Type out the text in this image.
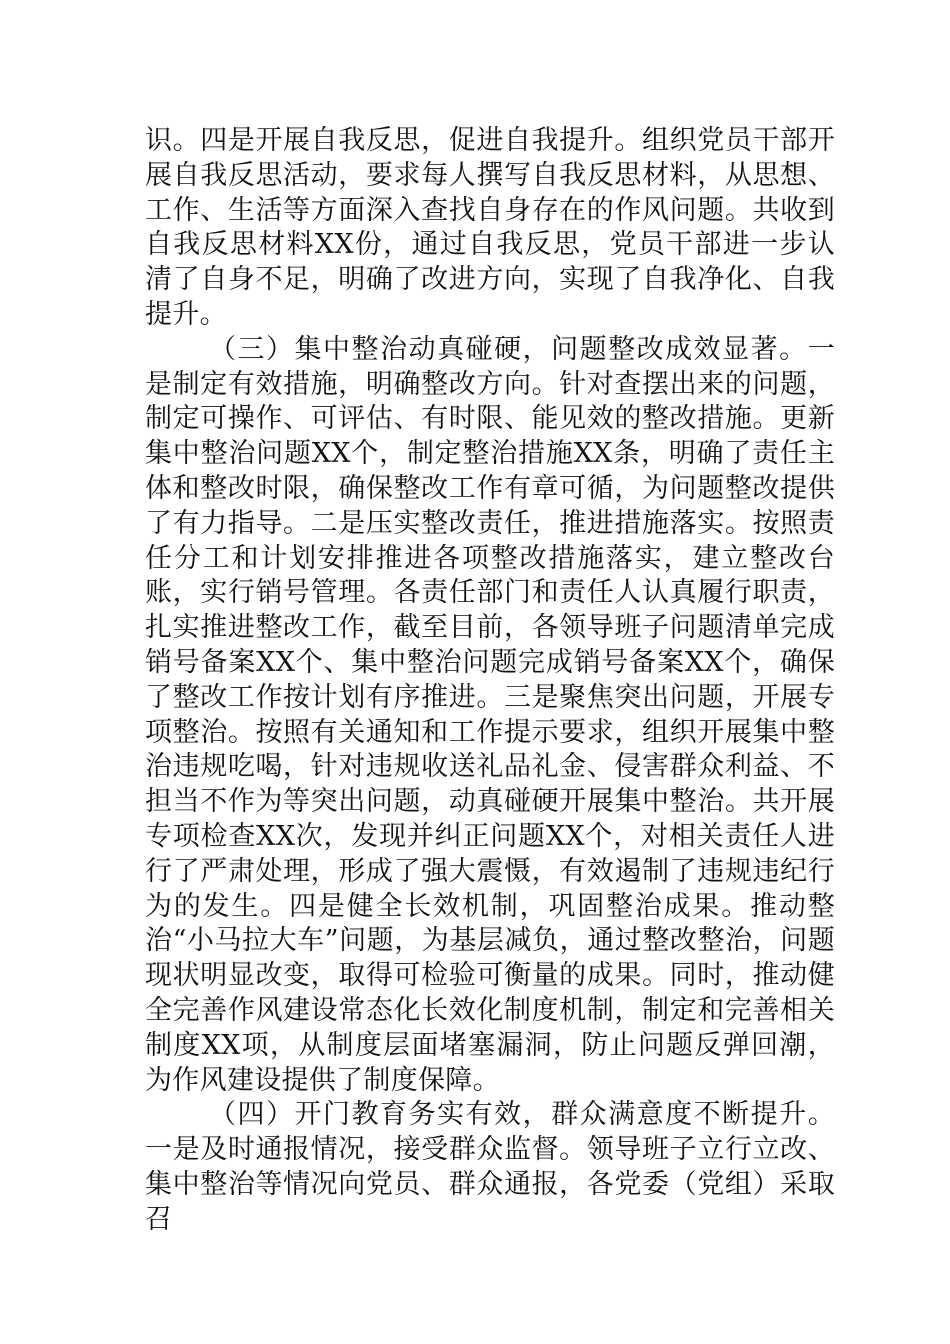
识。四是开展自我反思，促进自我提升。组织党员干部开展自我反思活动，要求每人撰写自我反思材料，从思想、工作、生活等方面深入查找自身存在的作风问题。共收到自我反思材料XX份，通过自我反思，党员干部进一步认清了自身不足，明确了改进方向，实现了自我净化、自我提升。

（三）集中整治动真碰硬，问题整改成效显著。一是制定有效措施，明确整改方向。针对查摆出来的问题，制定可操作、可评估、有时限、能见效的整改措施。更新集中整治问题XX个，制定整治措施XX条，明确了责任主体和整改时限，确保整改工作有章可循，为问题整改提供了有力指导。二是压实整改责任，推进措施落实。按照责任分工和计划安排推进各项整改措施落实，建立整改台账，实行销号管理。各责任部门和责任人认真履行职责，扎实推进整改工作，截至目前，各领导班子问题清单完成销号备案XX个、集中整治问题完成销号备案XX个，确保了整改工作按计划有序推进。三是聚焦突出问题，开展专项整治。按照有关通知和工作提示要求，组织开展集中整治违规吃喝，针对违规收送礼品礼金、侵害群众利益、不担当不作为等突出问题，动真碰硬开展集中整治。共开展专项检查XX次，发现并纠正问题XX个，对相关责任人进行了严肃处理，形成了强大震慑，有效遏制了违规违纪行为的发生。四是健全长效机制，巩固整治成果。推动整治“小马拉大车”问题，为基层减负，通过整改整治，问题现状明显改变，取得可检验可衡量的成果。同时，推动健全完善作风建设常态化长效化制度机制，制定和完善相关制度XX项，从制度层面堵塞漏洞，防止问题反弹回潮，为作风建设提供了制度保障。

（四）开门教育务实有效，群众满意度不断提升。一是及时通报情况，接受群众监督。领导班子立行立改、集中整治等情况向党员、群众通报，各党委（党组）采取召
